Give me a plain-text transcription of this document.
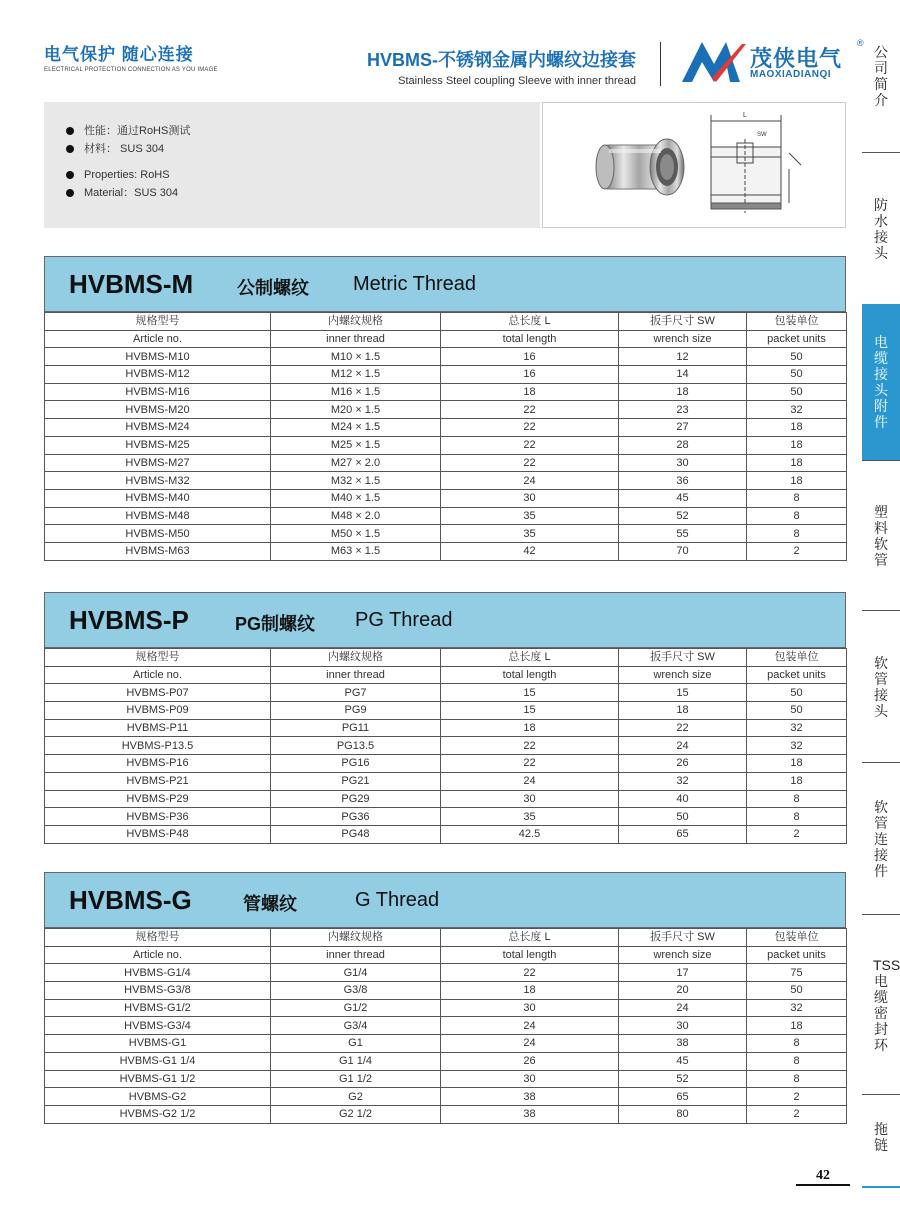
电气保护 随心连接
ELECTRICAL PROTECTION CONNECTION AS YOU IMAGE	HVBMS-不锈钢金属内螺纹边接套
Stainless Steel coupling Sleeve with inner thread
茂侠电气
®
MAOXIADIANQI
性能：通过RoHS测试
材料： SUS 304
Properties: RoHS
Material：SUS 304
L
SW
HVBMS-M 公制螺纹 Metric Thread
规格型号	内螺纹规格	总长度 L	扳手尺寸 SW	包装单位
Article no.	inner thread	total length	wrench size	packet units
HVBMS-M10	M10 × 1.5	16	12	50
HVBMS-M12	M12 × 1.5	16	14	50
HVBMS-M16	M16 × 1.5	18	18	50
HVBMS-M20	M20 × 1.5	22	23	32
HVBMS-M24	M24 × 1.5	22	27	18
HVBMS-M25	M25 × 1.5	22	28	18
HVBMS-M27	M27 × 2.0	22	30	18
HVBMS-M32	M32 × 1.5	24	36	18
HVBMS-M40	M40 × 1.5	30	45	8
HVBMS-M48	M48 × 2.0	35	52	8
HVBMS-M50	M50 × 1.5	35	55	8
HVBMS-M63	M63 × 1.5	42	70	2
HVBMS-P	PG制螺纹 PG Thread
规格型号	内螺纹规格	总长度 L	扳手尺寸 SW	包装单位
Article no.	inner thread	total length	wrench size	packet units
HVBMS-P07	PG7	15	15	50
HVBMS-P09	PG9	15	18	50
HVBMS-P11	PG11	18	22	32
HVBMS-P13.5	PG13.5	22	24	32
HVBMS-P16	PG16	22	26	18
HVBMS-P21	PG21	24	32	18
HVBMS-P29	PG29	30	40	8
HVBMS-P36	PG36	35	50	8
HVBMS-P48	PG48	42.5	65	2
HVBMS-G	管螺纹	G Thread
规格型号	内螺纹规格	总长度 L	扳手尺寸 SW	包装单位
Article no.	inner thread	total length	wrench size	packet units
HVBMS-G1/4	G1/4	22	17	75
HVBMS-G3/8	G3/8	18	20	50
HVBMS-G1/2	G1/2	30	24	32
HVBMS-G3/4	G3/4	24	30	18
HVBMS-G1	G1	24	38	8
HVBMS-G1 1/4	G1 1/4	26	45	8
HVBMS-G1 1/2	G1 1/2	30	52	8
HVBMS-G2	G2	38	65	2
HVBMS-G2 1/2	G2 1/2	38	80	2
公司简介
防水接头
电缆接头附件
塑料软管
软管接头
软管连接件
TSS电缆密封环
拖链
42
